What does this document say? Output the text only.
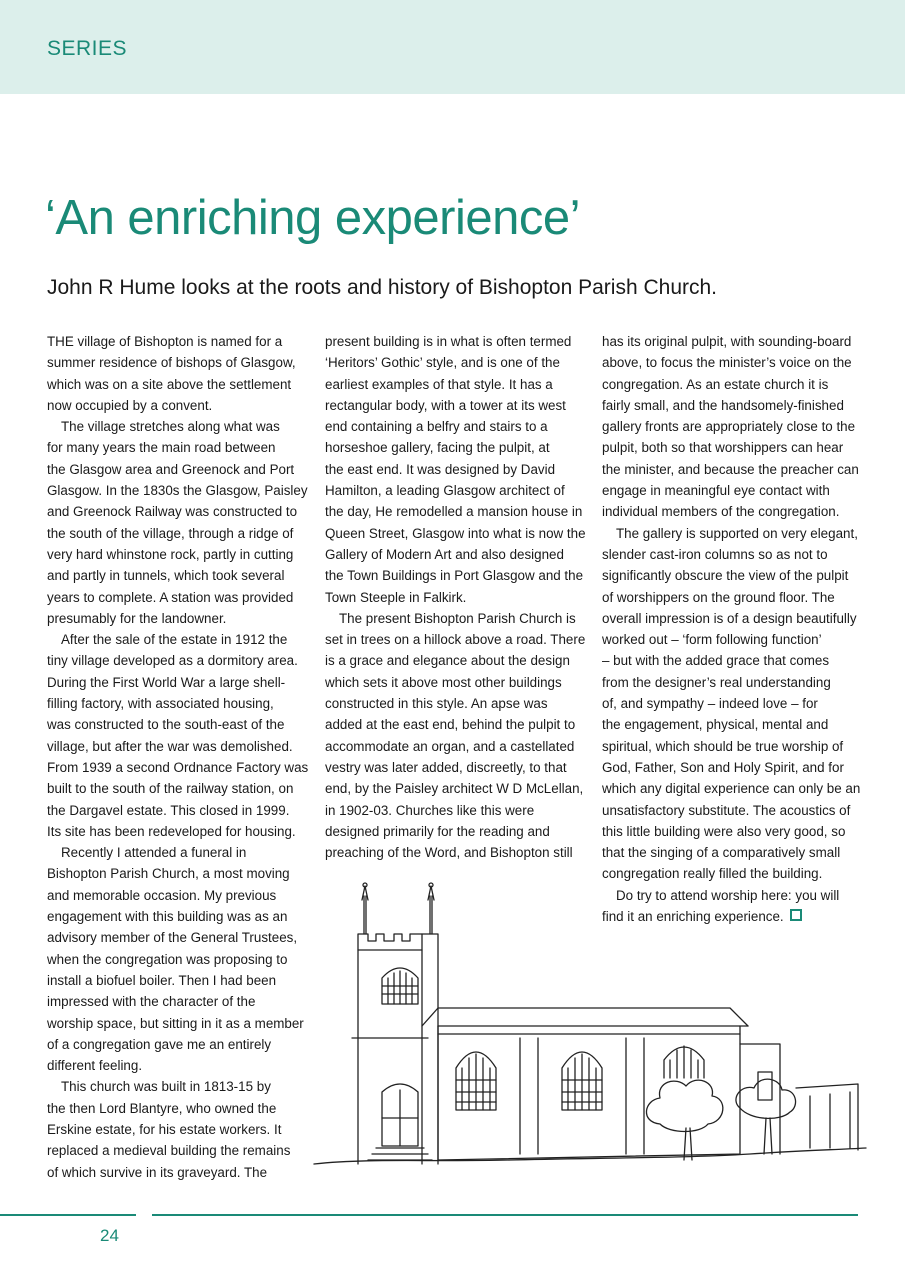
SERIES
‘An enriching experience’

John R Hume looks at the roots and history of Bishopton Parish Church.

THE village of Bishopton is named for a

summer residence of bishops of Glasgow,

which was on a site above the settlement

now occupied by a convent.

The village stretches along what was

for many years the main road between

the Glasgow area and Greenock and Port

Glasgow. In the 1830s the Glasgow, Paisley

and Greenock Railway was constructed to

the south of the village, through a ridge of

very hard whinstone rock, partly in cutting

and partly in tunnels, which took several

years to complete. A station was provided

presumably for the landowner.

After the sale of the estate in 1912 the

tiny village developed as a dormitory area.

During the First World War a large shell-

filling factory, with associated housing,

was constructed to the south-east of the

village, but after the war was demolished.

From 1939 a second Ordnance Factory was

built to the south of the railway station, on

the Dargavel estate. This closed in 1999.

Its site has been redeveloped for housing.

Recently I attended a funeral in

Bishopton Parish Church, a most moving

and memorable occasion. My previous

engagement with this building was as an

advisory member of the General Trustees,

when the congregation was proposing to

install a biofuel boiler. Then I had been

impressed with the character of the

worship space, but sitting in it as a member

of a congregation gave me an entirely

different feeling.

This church was built in 1813-15 by

the then Lord Blantyre, who owned the

Erskine estate, for his estate workers. It

replaced a medieval building the remains

of which survive in its graveyard. The

present building is in what is often termed

‘Heritors’ Gothic’ style, and is one of the

earliest examples of that style. It has a

rectangular body, with a tower at its west

end containing a belfry and stairs to a

horseshoe gallery, facing the pulpit, at

the east end. It was designed by David

Hamilton, a leading Glasgow architect of

the day, He remodelled a mansion house in

Queen Street, Glasgow into what is now the

Gallery of Modern Art and also designed

the Town Buildings in Port Glasgow and the

Town Steeple in Falkirk.

The present Bishopton Parish Church is

set in trees on a hillock above a road. There

is a grace and elegance about the design

which sets it above most other buildings

constructed in this style. An apse was

added at the east end, behind the pulpit to

accommodate an organ, and a castellated

vestry was later added, discreetly, to that

end, by the Paisley architect W D McLellan,

in 1902-03. Churches like this were

designed primarily for the reading and

preaching of the Word, and Bishopton still

has its original pulpit, with sounding-board

above, to focus the minister’s voice on the

congregation. As an estate church it is

fairly small, and the handsomely-finished

gallery fronts are appropriately close to the

pulpit, both so that worshippers can hear

the minister, and because the preacher can

engage in meaningful eye contact with

individual members of the congregation.

The gallery is supported on very elegant,

slender cast-iron columns so as not to

significantly obscure the view of the pulpit

of worshippers on the ground floor. The

overall impression is of a design beautifully

worked out – ‘form following function’

– but with the added grace that comes

from the designer’s real understanding

of, and sympathy – indeed love – for

the engagement, physical, mental and

spiritual, which should be true worship of

God, Father, Son and Holy Spirit, and for

which any digital experience can only be an

unsatisfactory substitute. The acoustics of

this little building were also very good, so

that the singing of a comparatively small

congregation really filled the building.

Do try to attend worship here: you will

find it an enriching experience.

24
